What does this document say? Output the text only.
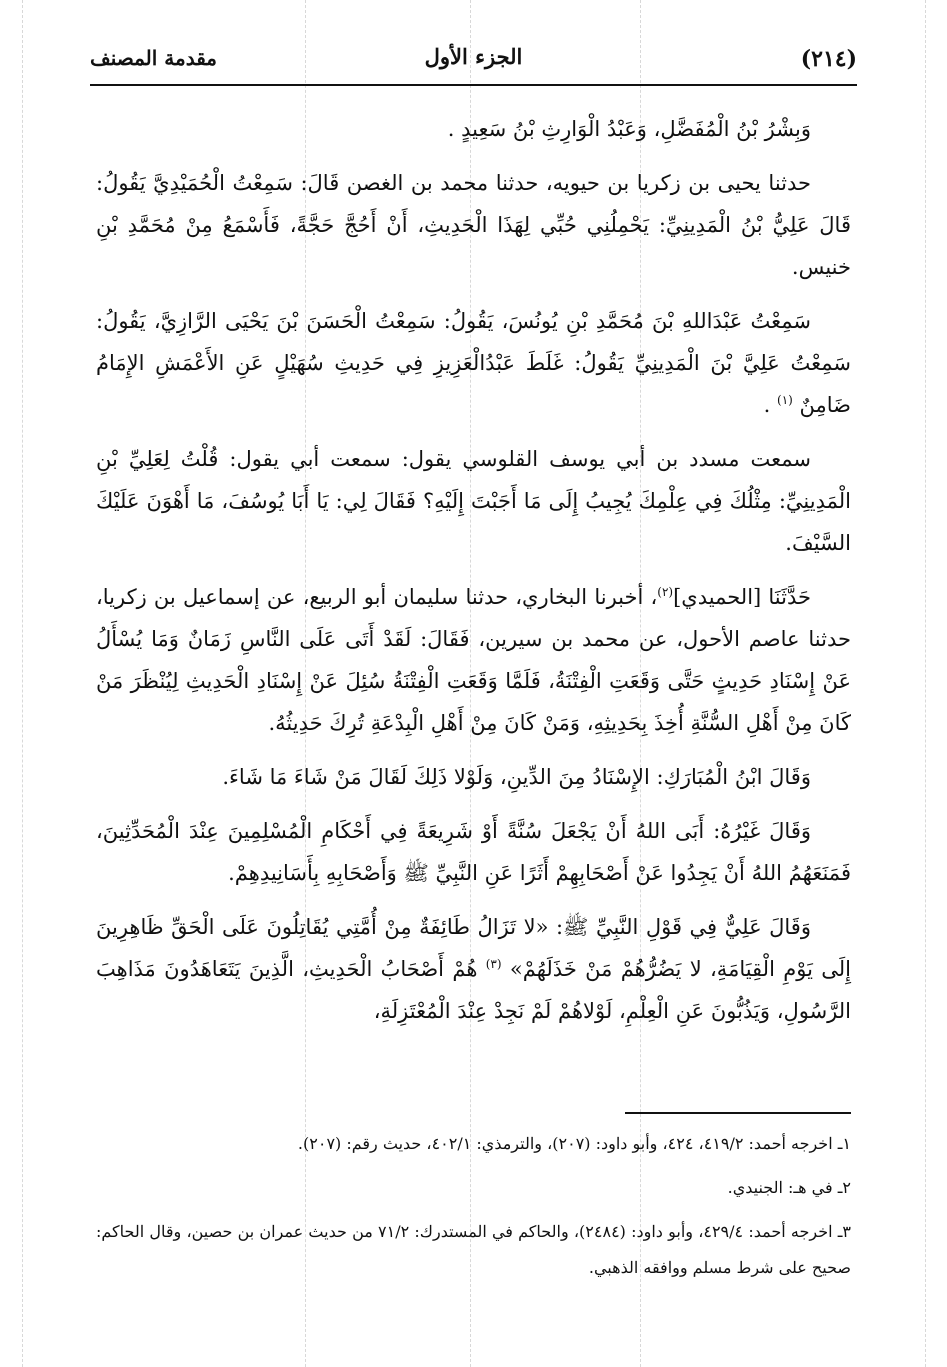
(٢١٤)
الجزء الأول
مقدمة المصنف

وَبِشْرُ بْنُ الْمُفَضَّلِ، وَعَبْدُ الْوَارِثِ بْنُ سَعِيدٍ .

حدثنا يحيى بن زكريا بن حيويه، حدثنا محمد بن الغصن قَالَ: سَمِعْتُ الْحُمَيْدِيَّ يَقُولُ: قَالَ عَلِيُّ بْنُ الْمَدِينِيِّ: يَحْمِلُنِي حُبِّي لِهَذَا الْحَدِيثِ، أَنْ أَحُجَّ حَجَّةً، فَأَسْمَعُ مِنْ مُحَمَّدِ بْنِ خنيس.

سَمِعْتُ عَبْدَاللهِ بْنَ مُحَمَّدِ بْنِ يُونُسَ، يَقُولُ: سَمِعْتُ الْحَسَنَ بْنَ يَحْيَى الرَّازِيَّ، يَقُولُ: سَمِعْتُ عَلِيَّ بْنَ الْمَدِينِيِّ يَقُولُ: غَلَطَ عَبْدُالْعَزِيزِ فِي حَدِيثِ سُهَيْلٍ عَنِ الأَعْمَشِ الإِمَامُ ضَامِنٌ $^{(١)}$ .

سمعت مسدد بن أبي يوسف القلوسي يقول: سمعت أبي يقول: قُلْتُ لِعَلِيِّ بْنِ الْمَدِينِيِّ: مِثْلُكَ فِي عِلْمِكَ يُجِيبُ إِلَى مَا أَجَبْتَ إِلَيْهِ؟ فَقَالَ لِي: يَا أَبَا يُوسُفَ، مَا أَهْوَنَ عَلَيْكَ السَّيْفَ.

حَدَّثَنَا [الحميدي]$^{(٢)}$، أخبرنا البخاري، حدثنا سليمان أبو الربيع، عن إسماعيل بن زكريا، حدثنا عاصم الأحول، عن محمد بن سيرين، فَقَالَ: لَقَدْ أَتَى عَلَى النَّاسِ زَمَانٌ وَمَا يُسْأَلُ عَنْ إِسْنَادِ حَدِيثٍ حَتَّى وَقَعَتِ الْفِتْنَةُ، فَلَمَّا وَقَعَتِ الْفِتْنَةُ سُئِلَ عَنْ إِسْنَادِ الْحَدِيثِ لِيُنْظَرَ مَنْ كَانَ مِنْ أَهْلِ السُّنَّةِ أُخِذَ بِحَدِيثِهِ، وَمَنْ كَانَ مِنْ أَهْلِ الْبِدْعَةِ تُرِكَ حَدِيثُهُ.

وَقَالَ ابْنُ الْمُبَارَكِ: الإِسْنَادُ مِنَ الدِّينِ، وَلَوْلا ذَلِكَ لَقَالَ مَنْ شَاءَ مَا شَاءَ.

وَقَالَ غَيْرُهُ: أَبَى اللهُ أَنْ يَجْعَلَ سُنَّةً أَوْ شَرِيعَةً فِي أَحْكَامِ الْمُسْلِمِينَ عِنْدَ الْمُحَدِّثِينَ، فَمَنَعَهُمُ اللهُ أَنْ يَجِدُوا عَنْ أَصْحَابِهِمْ أَثَرًا عَنِ النَّبِيِّ ﷺ وَأَصْحَابِهِ بِأَسَانِيدِهِمْ.

وَقَالَ عَلِيٌّ فِي قَوْلِ النَّبِيِّ ﷺ: «لا تَزَالُ طَائِفَةٌ مِنْ أُمَّتِي يُقَاتِلُونَ عَلَى الْحَقِّ ظَاهِرِينَ إِلَى يَوْمِ الْقِيَامَةِ، لا يَضُرُّهُمْ مَنْ خَذَلَهُمْ» $^{(٣)}$ هُمْ أَصْحَابُ الْحَدِيثِ، الَّذِينَ يَتَعَاهَدُونَ مَذَاهِبَ الرَّسُولِ، وَيَذُبُّونَ عَنِ الْعِلْمِ، لَوْلاهُمْ لَمْ نَجِدْ عِنْدَ الْمُعْتَزِلَةِ،

١ـ اخرجه أحمد: ٤١٩/٢، ٤٢٤، وأبو داود: (٢٠٧)، والترمذي: ٤٠٢/١، حديث رقم: (٢٠٧).

٢ـ في هـ: الجنيدي.

٣ـ اخرجه أحمد: ٤٢٩/٤، وأبو داود: (٢٤٨٤)، والحاكم في المستدرك: ٧١/٢ من حديث عمران بن حصين، وقال الحاكم: صحيح على شرط مسلم ووافقه الذهبي.
